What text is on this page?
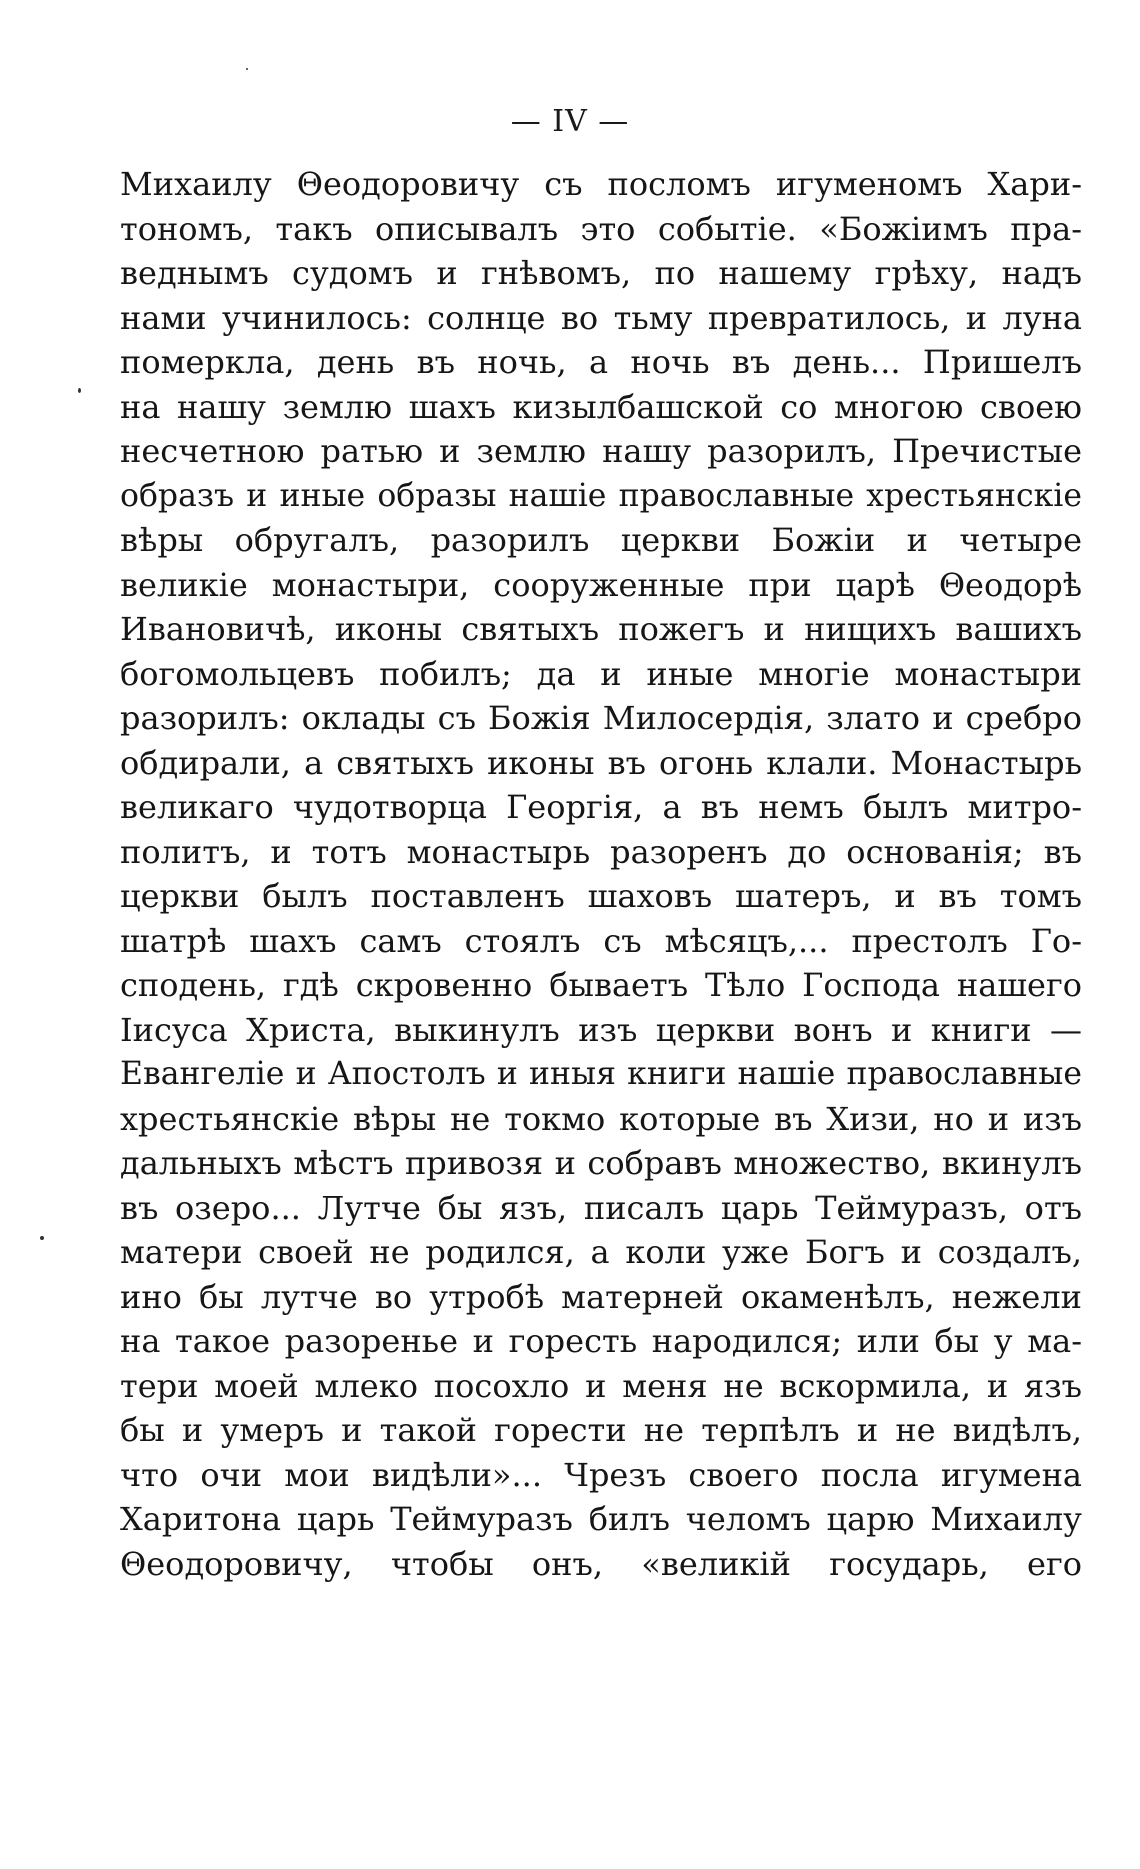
— IV —
Михаилу Θеодоровичу съ посломъ игуменомъ Хари-
тономъ, такъ описывалъ это событіе. «Божіимъ пра-
веднымъ судомъ и гнѣвомъ, по нашему грѣху, надъ
нами учинилось: солнце во тьму превратилось, и луна
померкла, день въ ночь, а ночь въ день... Пришелъ
на нашу землю шахъ кизылбашской со многою своею
несчетною ратью и землю нашу разорилъ, Пречистые
образъ и иные образы нашіе православные хрестьянскіе
вѣры обругалъ, разорилъ церкви Божіи и четыре
великіе монастыри, сооруженные при царѣ Θеодорѣ
Ивановичѣ, иконы святыхъ пожегъ и нищихъ вашихъ
богомольцевъ побилъ; да и иные многіе монастыри
разорилъ: оклады съ Божія Милосердія, злато и сребро
обдирали, а святыхъ иконы въ огонь клали. Монастырь
великаго чудотворца Георгія, а въ немъ былъ митро-
политъ, и тотъ монастырь разоренъ до основанія; въ
церкви былъ поставленъ шаховъ шатеръ, и въ томъ
шатрѣ шахъ самъ стоялъ съ мѣсяцъ,... престолъ Го-
сподень, гдѣ скровенно бываетъ Тѣло Господа нашего
Іисуса Христа, выкинулъ изъ церкви вонъ и книги —
Евангеліе и Апостолъ и иныя книги нашіе православные
хрестьянскіе вѣры не токмо которые въ Хизи, но и изъ
дальныхъ мѣстъ привозя и собравъ множество, вкинулъ
въ озеро... Лутче бы язъ, писалъ царь Теймуразъ, отъ
матери своей не родился, а коли уже Богъ и создалъ,
ино бы лутче во утробѣ матерней окаменѣлъ, нежели
на такое разоренье и горесть народился; или бы у ма-
тери моей млеко посохло и меня не вскормила, и язъ
бы и умеръ и такой горести не терпѣлъ и не видѣлъ,
что очи мои видѣли»... Чрезъ своего посла игумена
Харитона царь Теймуразъ билъ челомъ царю Михаилу
Θеодоровичу, чтобы онъ, «великій государь, его
